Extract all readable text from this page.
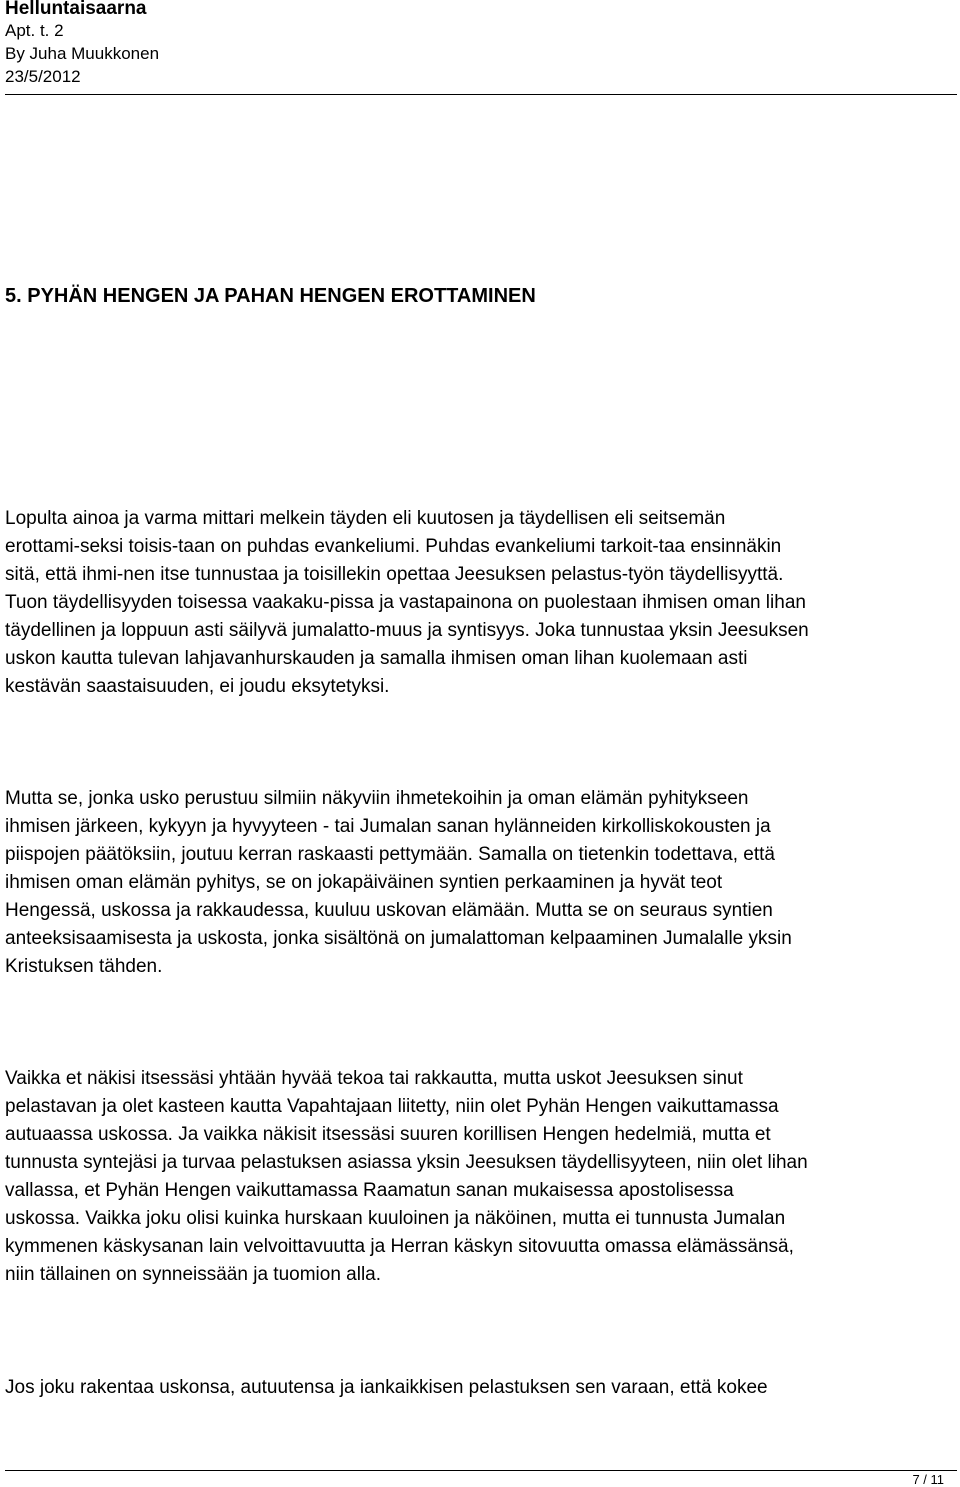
Helluntaisaarna
Apt. t. 2
By Juha Muukkonen
23/5/2012
5. PYHÄN HENGEN JA PAHAN HENGEN EROTTAMINEN

Lopulta ainoa ja varma mittari melkein täyden eli kuutosen ja täydellisen eli seitsemän
erottami-seksi toisis-taan on puhdas evankeliumi. Puhdas evankeliumi tarkoit-taa ensinnäkin
sitä, että ihmi-nen itse tunnustaa ja toisillekin opettaa Jeesuksen pelastus-työn täydellisyyttä.
Tuon täydellisyyden toisessa vaakaku-pissa ja vastapainona on puolestaan ihmisen oman lihan
täydellinen ja loppuun asti säilyvä jumalatto-muus ja syntisyys. Joka tunnustaa yksin Jeesuksen
uskon kautta tulevan lahjavanhurskauden ja samalla ihmisen oman lihan kuolemaan asti
kestävän saastaisuuden, ei joudu eksytetyksi.

Mutta se, jonka usko perustuu silmiin näkyviin ihmetekoihin ja oman elämän pyhitykseen
ihmisen järkeen, kykyyn ja hyvyyteen - tai Jumalan sanan hylänneiden kirkolliskokousten ja
piispojen päätöksiin, joutuu kerran raskaasti pettymään. Samalla on tietenkin todettava, että
ihmisen oman elämän pyhitys, se on jokapäiväinen syntien perkaaminen ja hyvät teot
Hengessä, uskossa ja rakkaudessa, kuuluu uskovan elämään. Mutta se on seuraus syntien
anteeksisaamisesta ja uskosta, jonka sisältönä on jumalattoman kelpaaminen Jumalalle yksin
Kristuksen tähden.

Vaikka et näkisi itsessäsi yhtään hyvää tekoa tai rakkautta, mutta uskot Jeesuksen sinut
pelastavan ja olet kasteen kautta Vapahtajaan liitetty, niin olet Pyhän Hengen vaikuttamassa
autuaassa uskossa. Ja vaikka näkisit itsessäsi suuren korillisen Hengen hedelmiä, mutta et
tunnusta syntejäsi ja turvaa pelastuksen asiassa yksin Jeesuksen täydellisyyteen, niin olet lihan
vallassa, et Pyhän Hengen vaikuttamassa Raamatun sanan mukaisessa apostolisessa
uskossa. Vaikka joku olisi kuinka hurskaan kuuloinen ja näköinen, mutta ei tunnusta Jumalan
kymmenen käskysanan lain velvoittavuutta ja Herran käskyn sitovuutta omassa elämässänsä,
niin tällainen on synneissään ja tuomion alla.

Jos joku rakentaa uskonsa, autuutensa ja iankaikkisen pelastuksen sen varaan, että kokee

7 / 11
